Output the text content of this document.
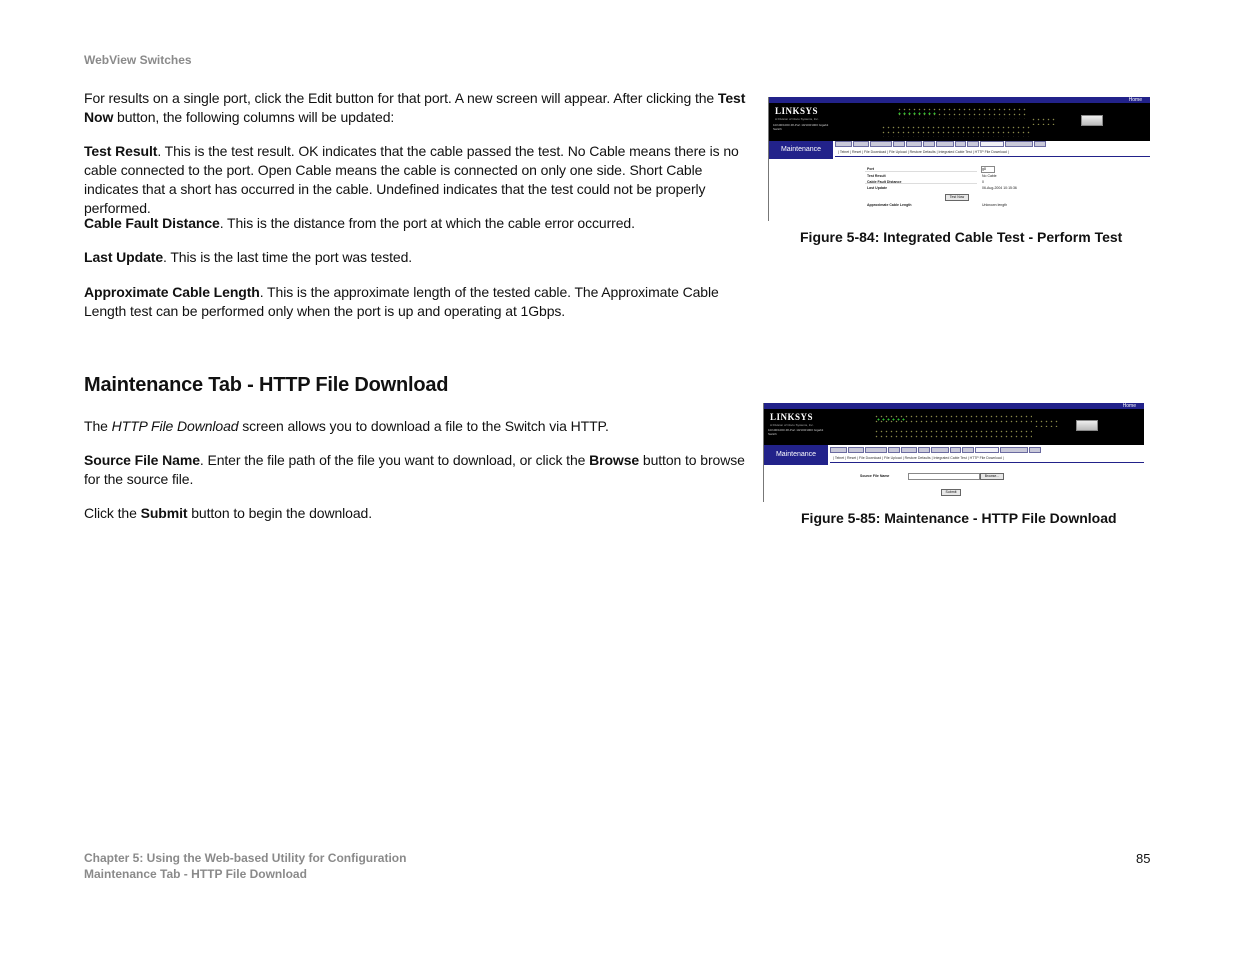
WebView Switches
For results on a single port, click the Edit button for that port. A new screen will appear. After clicking the Test Now button, the following columns will be updated:
Test Result. This is the test result. OK indicates that the cable passed the test. No Cable means there is no cable connected to the port. Open Cable means the cable is connected on only one side. Short Cable indicates that a short has occurred in the cable. Undefined indicates that the test could not be properly performed.
Cable Fault Distance. This is the distance from the port at which the cable error occurred.
Last Update. This is the last time the port was tested.
Approximate Cable Length. This is the approximate length of the tested cable. The Approximate Cable Length test can be performed only when the port is up and operating at 1Gbps.
Maintenance Tab - HTTP File Download
The HTTP File Download screen allows you to download a file to the Switch via HTTP.
Source File Name. Enter the file path of the file you want to download, or click the Browse button to browse for the source file.
Click the Submit button to begin the download.
Home
LINKSYS
A Division of Cisco Systems, Inc.
10/100/1000 48-Port 10/100/1000 Gigabit Switch
Maintenance	| Telnet | Reset | File Download | File Upload | Restore Defaults | Integrated Cable Test | HTTP File Download |
Port	g8
Test Result	No Cable
Cable Fault Distance	0
Last Update	06-Aug-2004 10:15:36
Test Now
Approximate Cable Length	Unknown length
Figure 5-84: Integrated Cable Test - Perform Test
Home
LINKSYS
A Division of Cisco Systems, Inc.
10/100/1000 48-Port 10/100/1000 Gigabit Switch
Maintenance	| Telnet | Reset | File Download | File Upload | Restore Defaults | Integrated Cable Test | HTTP File Download |
Source File Name	Browse...
Submit
Figure 5-85: Maintenance - HTTP File Download
Chapter 5: Using the Web-based Utility for Configuration
Maintenance Tab - HTTP File Download
85
